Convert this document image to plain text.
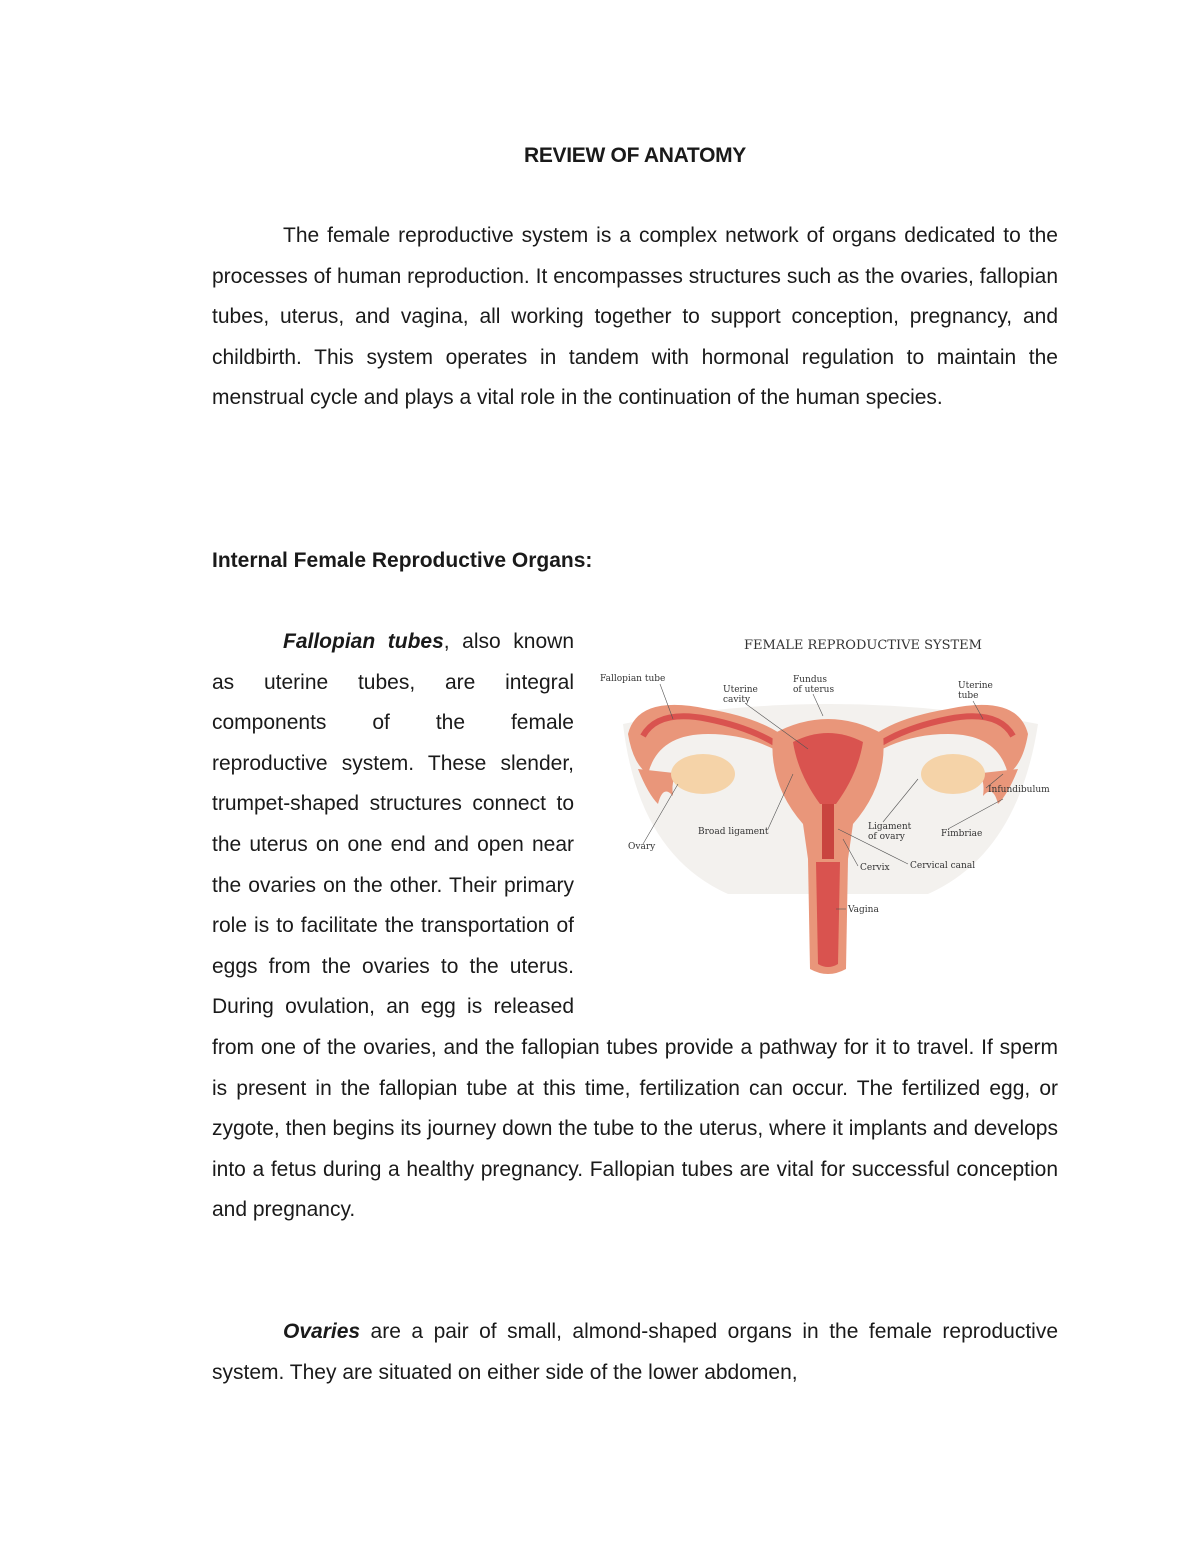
REVIEW OF ANATOMY

The female reproductive system is a complex network of organs dedicated to the processes of human reproduction. It encompasses structures such as the ovaries, fallopian tubes, uterus, and vagina, all working together to support conception, pregnancy, and childbirth. This system operates in tandem with hormonal regulation to maintain the menstrual cycle and plays a vital role in the continuation of the human species.

Internal Female Reproductive Organs:
FEMALE REPRODUCTIVE SYSTEM
Fallopian tube
Uterine
cavity
Fundus
of uterus	Uterine
tube
Infundibulum
Ovary
Broad ligament	Ligament
of ovary	Fimbriae
Cervix Cervical canal
Vagina

Fallopian tubes, also known as uterine tubes, are integral components of the female reproductive system. These slender, trumpet-shaped structures connect to the uterus on one end and open near the ovaries on the other. Their primary role is to facilitate the transportation of eggs from the ovaries to the uterus. During ovulation, an egg is released from one of the ovaries, and the fallopian tubes provide a pathway for it to travel. If sperm is present in the fallopian tube at this time, fertilization can occur. The fertilized egg, or zygote, then begins its journey down the tube to the uterus, where it implants and develops into a fetus during a healthy pregnancy. Fallopian tubes are vital for successful conception and pregnancy.

Ovaries are a pair of small, almond-shaped organs in the female reproductive system. They are situated on either side of the lower abdomen,
